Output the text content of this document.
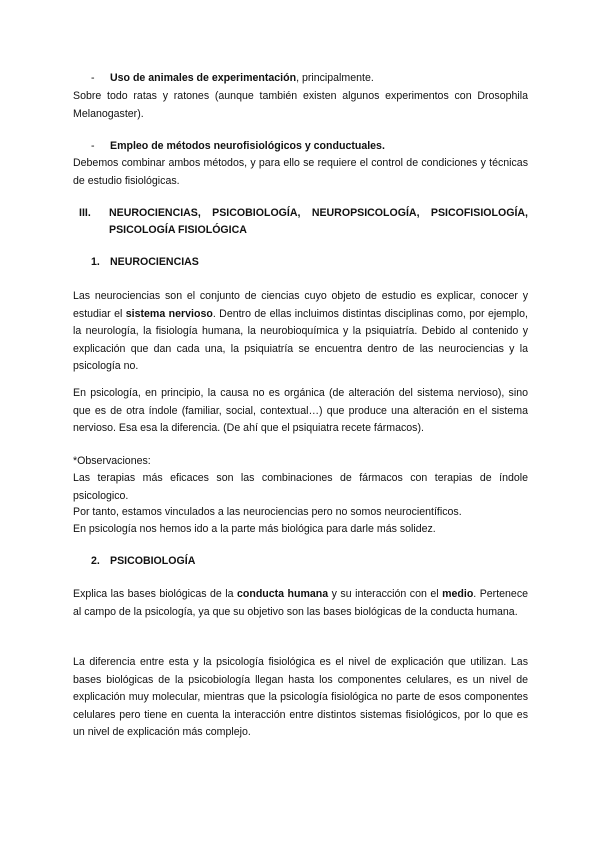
- Uso de animales de experimentación, principalmente.
Sobre todo ratas y ratones (aunque también existen algunos experimentos con Drosophila Melanogaster).
- Empleo de métodos neurofisiológicos y conductuales.
Debemos combinar ambos métodos, y para ello se requiere el control de condiciones y técnicas de estudio fisiológicas.
III. NEUROCIENCIAS, PSICOBIOLOGÍA, NEUROPSICOLOGÍA, PSICOFISIOLOGÍA,
PSICOLOGÍA FISIOLÓGICA
1. NEUROCIENCIAS
Las neurociencias son el conjunto de ciencias cuyo objeto de estudio es explicar, conocer y estudiar el sistema nervioso. Dentro de ellas incluimos distintas disciplinas como, por ejemplo, la neurología, la fisiología humana, la neurobioquímica y la psiquiatría. Debido al contenido y explicación que dan cada una, la psiquiatría se encuentra dentro de las neurociencias y la psicología no.
En psicología, en principio, la causa no es orgánica (de alteración del sistema nervioso), sino que es de otra índole (familiar, social, contextual…) que produce una alteración en el sistema nervioso. Esa esa la diferencia. (De ahí que el psiquiatra recete fármacos).
*Observaciones:
Las terapias más eficaces son las combinaciones de fármacos con terapias de índole psicologico.
Por tanto, estamos vinculados a las neurociencias pero no somos neurocientíficos.
En psicología nos hemos ido a la parte más biológica para darle más solidez.
2. PSICOBIOLOGÍA
Explica las bases biológicas de la conducta humana y su interacción con el medio. Pertenece al campo de la psicología, ya que su objetivo son las bases biológicas de la conducta humana.
La diferencia entre esta y la psicología fisiológica es el nivel de explicación que utilizan. Las bases biológicas de la psicobiología llegan hasta los componentes celulares, es un nivel de explicación muy molecular, mientras que la psicología fisiológica no parte de esos componentes celulares pero tiene en cuenta la interacción entre distintos sistemas fisiológicos, por lo que es un nivel de explicación más complejo.
